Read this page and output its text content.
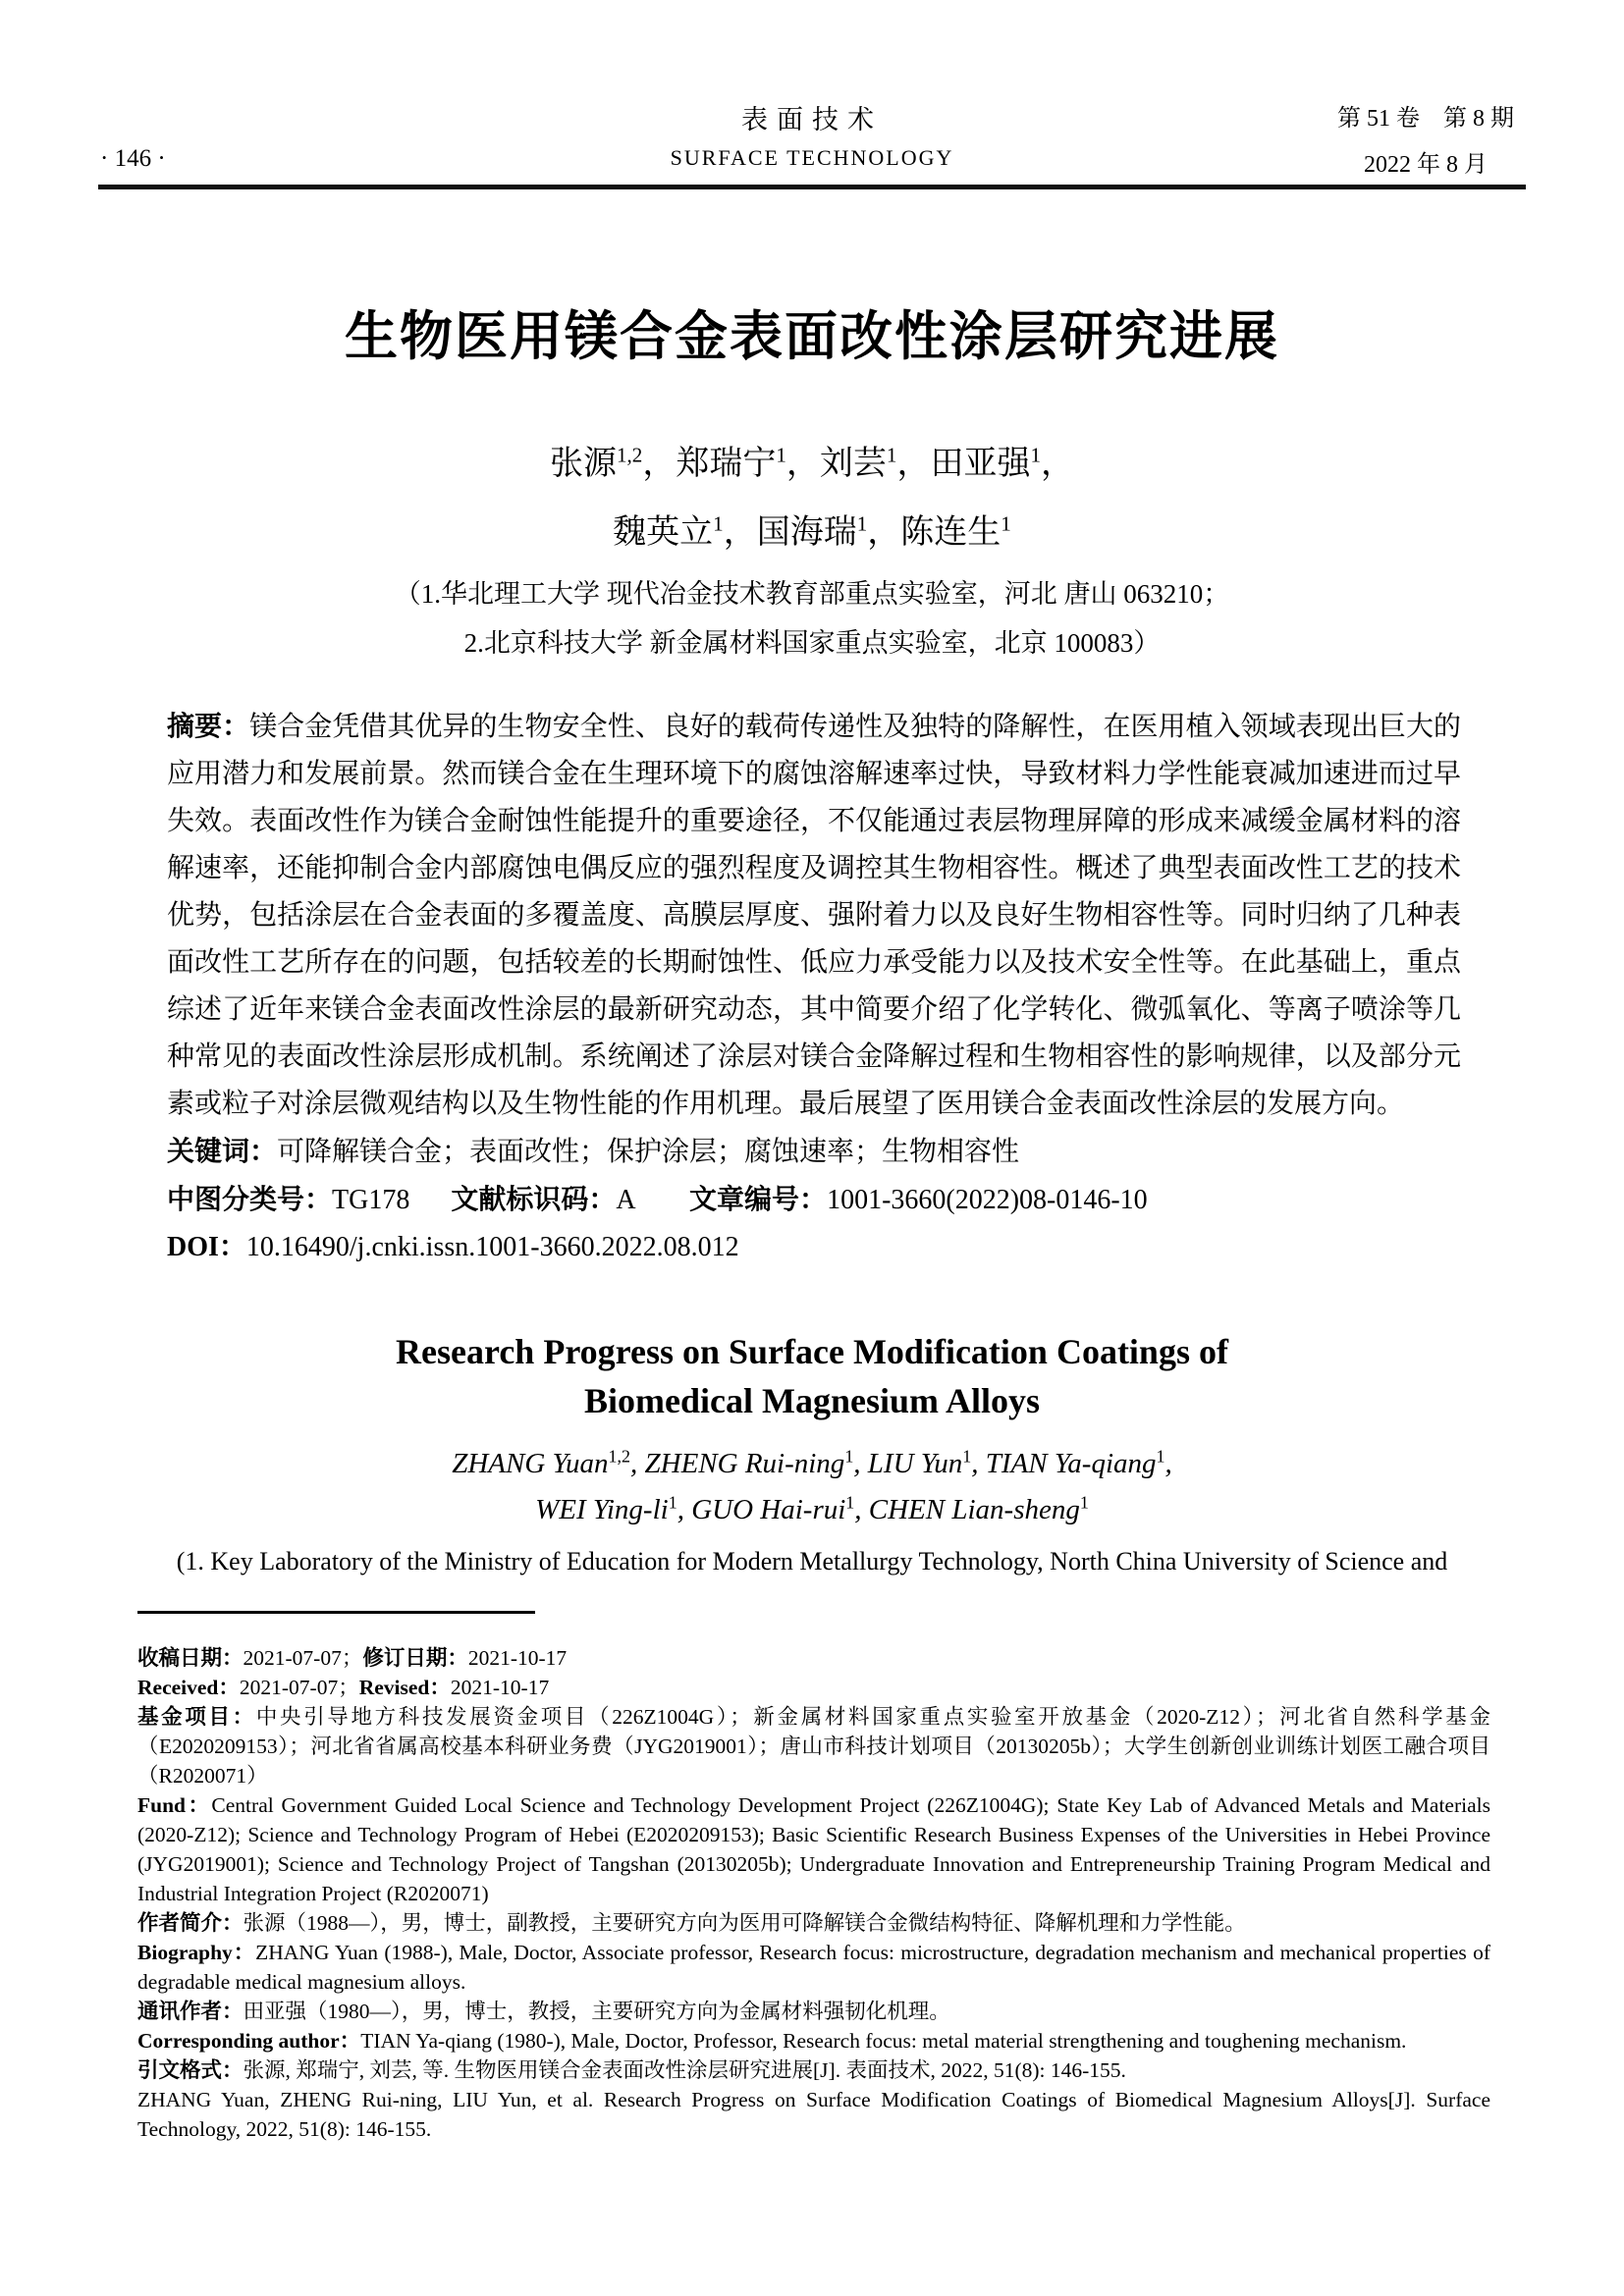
· 146 ·
表面技术
SURFACE TECHNOLOGY
第 51 卷　第 8 期
2022 年 8 月
生物医用镁合金表面改性涂层研究进展

张源$^{1,2}$，郑瑞宁$^1$，刘芸$^1$，田亚强$^1$，

魏英立$^1$，国海瑞$^1$，陈连生$^1$

（1.华北理工大学 现代冶金技术教育部重点实验室，河北 唐山 063210；

2.北京科技大学 新金属材料国家重点实验室，北京 100083）

摘要：镁合金凭借其优异的生物安全性、良好的载荷传递性及独特的降解性，在医用植入领域表现出巨大的应用潜力和发展前景。然而镁合金在生理环境下的腐蚀溶解速率过快，导致材料力学性能衰减加速进而过早失效。表面改性作为镁合金耐蚀性能提升的重要途径，不仅能通过表层物理屏障的形成来减缓金属材料的溶解速率，还能抑制合金内部腐蚀电偶反应的强烈程度及调控其生物相容性。概述了典型表面改性工艺的技术优势，包括涂层在合金表面的多覆盖度、高膜层厚度、强附着力以及良好生物相容性等。同时归纳了几种表面改性工艺所存在的问题，包括较差的长期耐蚀性、低应力承受能力以及技术安全性等。在此基础上，重点综述了近年来镁合金表面改性涂层的最新研究动态，其中简要介绍了化学转化、微弧氧化、等离子喷涂等几种常见的表面改性涂层形成机制。系统阐述了涂层对镁合金降解过程和生物相容性的影响规律，以及部分元素或粒子对涂层微观结构以及生物性能的作用机理。最后展望了医用镁合金表面改性涂层的发展方向。

关键词：可降解镁合金；表面改性；保护涂层；腐蚀速率；生物相容性

中图分类号：TG178      文献标识码：A        文章编号：1001-3660(2022)08-0146-10

DOI：10.16490/j.cnki.issn.1001-3660.2022.08.012

Research Progress on Surface Modification Coatings of
Biomedical Magnesium Alloys

ZHANG Yuan$^{1,2}$, ZHENG Rui-ning$^1$, LIU Yun$^1$, TIAN Ya-qiang$^1$,

WEI Ying-$li^1$, GUO Hai-rui$^1$, CHEN Lian-sheng$^1$

(1. Key Laboratory of the Ministry of Education for Modern Metallurgy Technology, North China University of Science and

收稿日期：2021-07-07；修订日期：2021-10-17

Received：2021-07-07；Revised：2021-10-17

基金项目：中央引导地方科技发展资金项目（226Z1004G）；新金属材料国家重点实验室开放基金（2020-Z12）；河北省自然科学基金（E2020209153）；河北省省属高校基本科研业务费（JYG2019001）；唐山市科技计划项目（20130205b）；大学生创新创业训练计划医工融合项目（R2020071）

Fund：Central Government Guided Local Science and Technology Development Project (226Z1004G); State Key Lab of Advanced Metals and Materials (2020-Z12); Science and Technology Program of Hebei (E2020209153); Basic Scientific Research Business Expenses of the Universities in Hebei Province (JYG2019001); Science and Technology Project of Tangshan (20130205b); Undergraduate Innovation and Entrepreneurship Training Program Medical and Industrial Integration Project (R2020071)

作者简介：张源（1988—），男，博士，副教授，主要研究方向为医用可降解镁合金微结构特征、降解机理和力学性能。

Biography：ZHANG Yuan (1988-), Male, Doctor, Associate professor, Research focus: microstructure, degradation mechanism and mechanical properties of degradable medical magnesium alloys.

通讯作者：田亚强（1980—），男，博士，教授，主要研究方向为金属材料强韧化机理。

Corresponding author：TIAN Ya-qiang (1980-), Male, Doctor, Professor, Research focus: metal material strengthening and toughening mechanism.

引文格式：张源, 郑瑞宁, 刘芸, 等. 生物医用镁合金表面改性涂层研究进展[J]. 表面技术, 2022, 51(8): 146-155.

ZHANG Yuan, ZHENG Rui-ning, LIU Yun, et al. Research Progress on Surface Modification Coatings of Biomedical Magnesium Alloys[J]. Surface Technology, 2022, 51(8): 146-155.
